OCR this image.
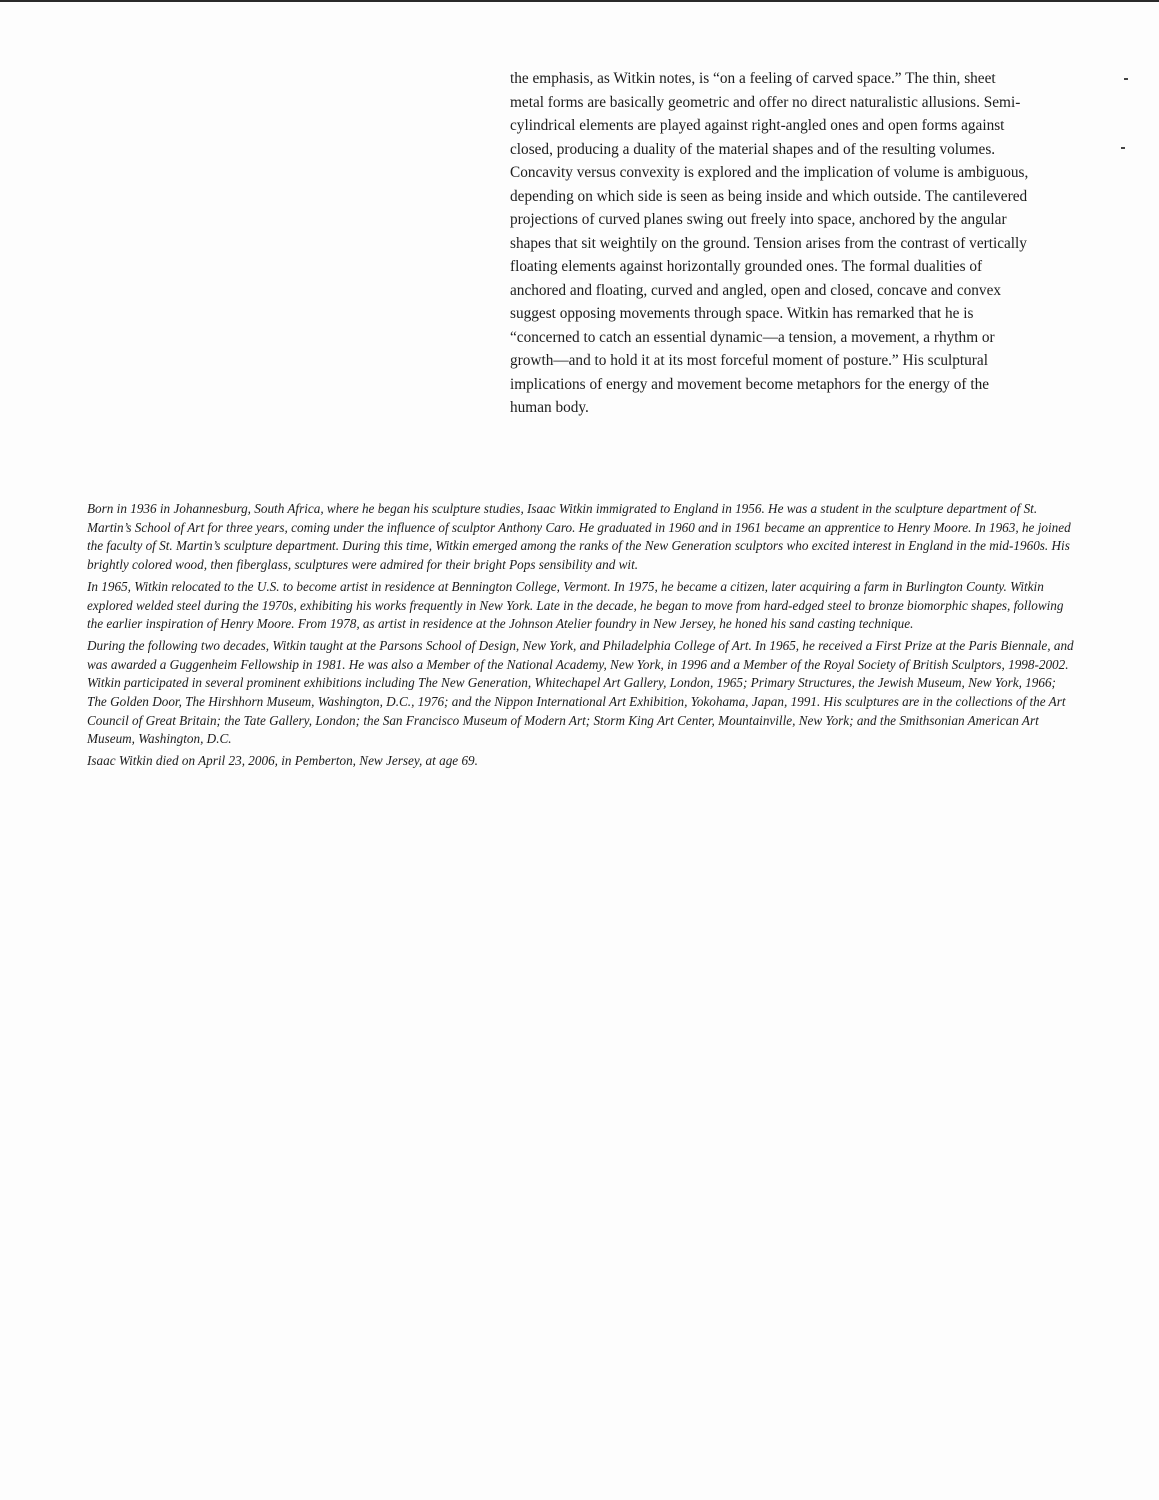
the emphasis, as Witkin notes, is “on a feeling of carved space.” The thin, sheet metal forms are basically geometric and offer no direct naturalistic allusions. Semi-cylindrical elements are played against right-angled ones and open forms against closed, producing a duality of the material shapes and of the resulting volumes. Concavity versus convexity is explored and the implication of volume is ambiguous, depending on which side is seen as being inside and which outside. The cantilevered projections of curved planes swing out freely into space, anchored by the angular shapes that sit weightily on the ground. Tension arises from the contrast of vertically floating elements against horizontally grounded ones. The formal dualities of anchored and floating, curved and angled, open and closed, concave and convex suggest opposing movements through space. Witkin has remarked that he is “concerned to catch an essential dynamic—a tension, a movement, a rhythm or growth—and to hold it at its most forceful moment of posture.” His sculptural implications of energy and movement become metaphors for the energy of the human body.

Born in 1936 in Johannesburg, South Africa, where he began his sculpture studies, Isaac Witkin immigrated to England in 1956. He was a student in the sculpture department of St. Martin’s School of Art for three years, coming under the influence of sculptor Anthony Caro. He graduated in 1960 and in 1961 became an apprentice to Henry Moore. In 1963, he joined the faculty of St. Martin’s sculpture department. During this time, Witkin emerged among the ranks of the New Generation sculptors who excited interest in England in the mid-1960s. His brightly colored wood, then fiberglass, sculptures were admired for their bright Pops sensibility and wit.

In 1965, Witkin relocated to the U.S. to become artist in residence at Bennington College, Vermont. In 1975, he became a citizen, later acquiring a farm in Burlington County. Witkin explored welded steel during the 1970s, exhibiting his works frequently in New York. Late in the decade, he began to move from hard-edged steel to bronze biomorphic shapes, following the earlier inspiration of Henry Moore. From 1978, as artist in residence at the Johnson Atelier foundry in New Jersey, he honed his sand casting technique.

During the following two decades, Witkin taught at the Parsons School of Design, New York, and Philadelphia College of Art. In 1965, he received a First Prize at the Paris Biennale, and was awarded a Guggenheim Fellowship in 1981. He was also a Member of the National Academy, New York, in 1996 and a Member of the Royal Society of British Sculptors, 1998-2002. Witkin participated in several prominent exhibitions including The New Generation, Whitechapel Art Gallery, London, 1965; Primary Structures, the Jewish Museum, New York, 1966; The Golden Door, The Hirshhorn Museum, Washington, D.C., 1976; and the Nippon International Art Exhibition, Yokohama, Japan, 1991. His sculptures are in the collections of the Art Council of Great Britain; the Tate Gallery, London; the San Francisco Museum of Modern Art; Storm King Art Center, Mountainville, New York; and the Smithsonian American Art Museum, Washington, D.C.

Isaac Witkin died on April 23, 2006, in Pemberton, New Jersey, at age 69.
